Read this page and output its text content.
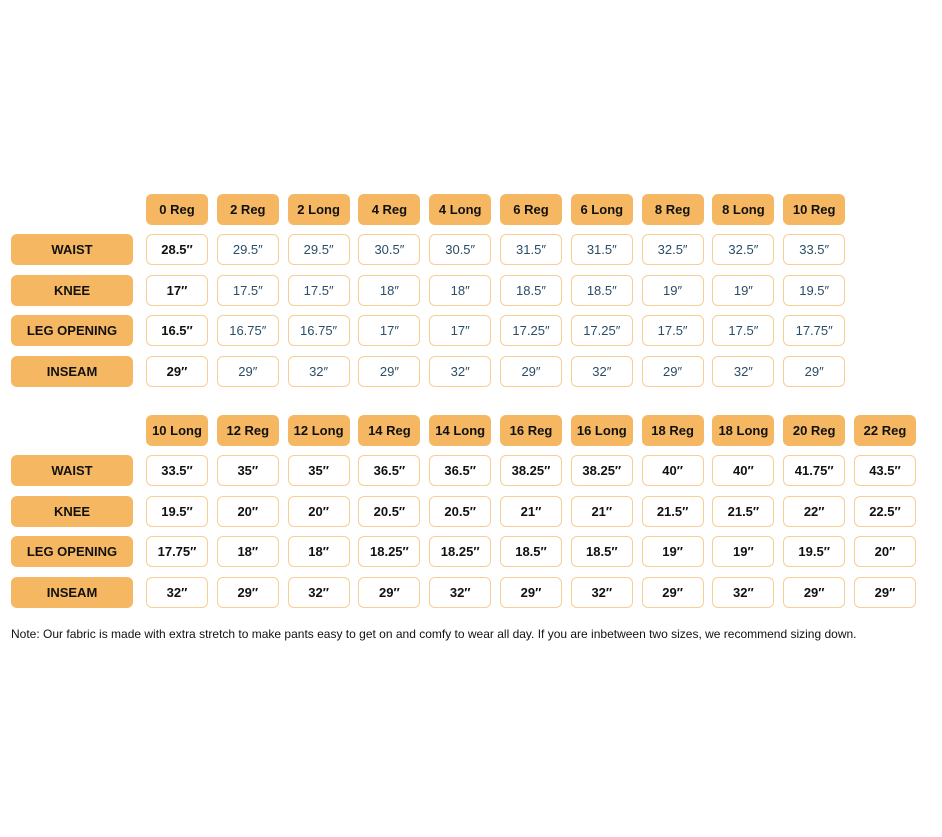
0 Reg	2 Reg	2 Long	4 Reg	4 Long	6 Reg	6 Long	8 Reg	8 Long	10 Reg
WAIST	28.5″	29.5″	29.5″	30.5″	30.5″	31.5″	31.5″	32.5″	32.5″	33.5″
KNEE	17″	17.5″	17.5″	18″	18″	18.5″	18.5″	19″	19″	19.5″
LEG OPENING	16.5″	16.75″	16.75″	17″	17″	17.25″	17.25″	17.5″	17.5″	17.75″
INSEAM	29″	29″	32″	29″	32″	29″	32″	29″	32″	29″
10 Long	12 Reg	12 Long	14 Reg	14 Long	16 Reg	16 Long	18 Reg	18 Long	20 Reg	22 Reg
WAIST	33.5″	35″	35″	36.5″	36.5″	38.25″	38.25″	40″	40″	41.75″	43.5″
KNEE	19.5″	20″	20″	20.5″	20.5″	21″	21″	21.5″	21.5″	22″	22.5″
LEG OPENING	17.75″	18″	18″	18.25″	18.25″	18.5″	18.5″	19″	19″	19.5″	20″
INSEAM	32″	29″	32″	29″	32″	29″	32″	29″	32″	29″	29″
Note: Our fabric is made with extra stretch to make pants easy to get on and comfy to wear all day. If you are inbetween two sizes, we recommend sizing down.
